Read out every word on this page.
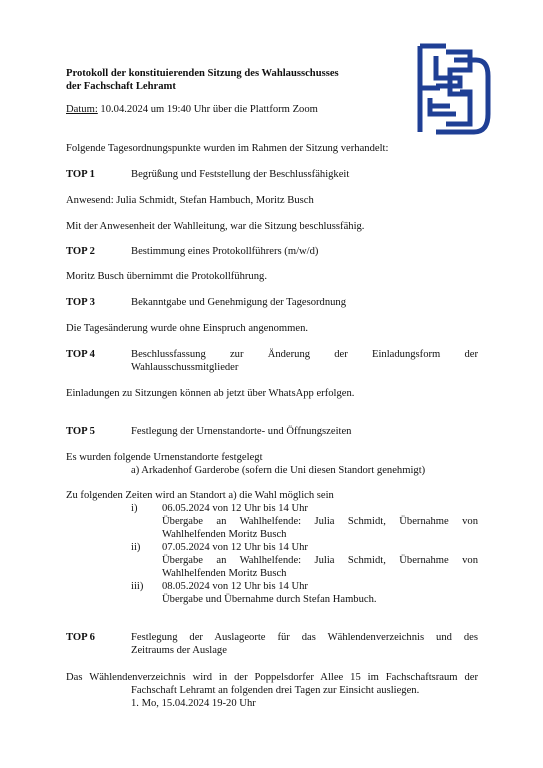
Protokoll der konstituierenden Sitzung des Wahlausschusses
der Fachschaft Lehramt
Datum: 10.04.2024 um 19:40 Uhr über die Plattform Zoom
Folgende Tagesordnungspunkte wurden im Rahmen der Sitzung verhandelt:
TOP 1	Begrüßung und Feststellung der Beschlussfähigkeit
Anwesend: Julia Schmidt, Stefan Hambuch, Moritz Busch
Mit der Anwesenheit der Wahlleitung, war die Sitzung beschlussfähig.
TOP 2	Bestimmung eines Protokollführers (m/w/d)
Moritz Busch übernimmt die Protokollführung.
TOP 3	Bekanntgabe und Genehmigung der Tagesordnung
Die Tagesänderung wurde ohne Einspruch angenommen.
TOP 4	Beschlussfassung zur Änderung der Einladungsform der
Wahlausschussmitglieder
Einladungen zu Sitzungen können ab jetzt über WhatsApp erfolgen.
TOP 5	Festlegung der Urnenstandorte- und Öffnungszeiten
Es wurden folgende Urnenstandorte festgelegt
a) Arkadenhof Garderobe (sofern die Uni diesen Standort genehmigt)
Zu folgenden Zeiten wird an Standort a) die Wahl möglich sein
i) 06.05.2024 von 12 Uhr bis 14 Uhr
Übergabe an Wahlhelfende: Julia Schmidt, Übernahme von
Wahlhelfenden Moritz Busch
ii) 07.05.2024 von 12 Uhr bis 14 Uhr
Übergabe an Wahlhelfende: Julia Schmidt, Übernahme von
Wahlhelfenden Moritz Busch
iii) 08.05.2024 von 12 Uhr bis 14 Uhr
Übergabe und Übernahme durch Stefan Hambuch.
TOP 6	Festlegung der Auslageorte für das Wählendenverzeichnis und des
Zeitraums der Auslage
Das Wählendenverzeichnis wird in der Poppelsdorfer Allee 15 im Fachschaftsraum der
Fachschaft Lehramt an folgenden drei Tagen zur Einsicht ausliegen.
1. Mo, 15.04.2024 19-20 Uhr
